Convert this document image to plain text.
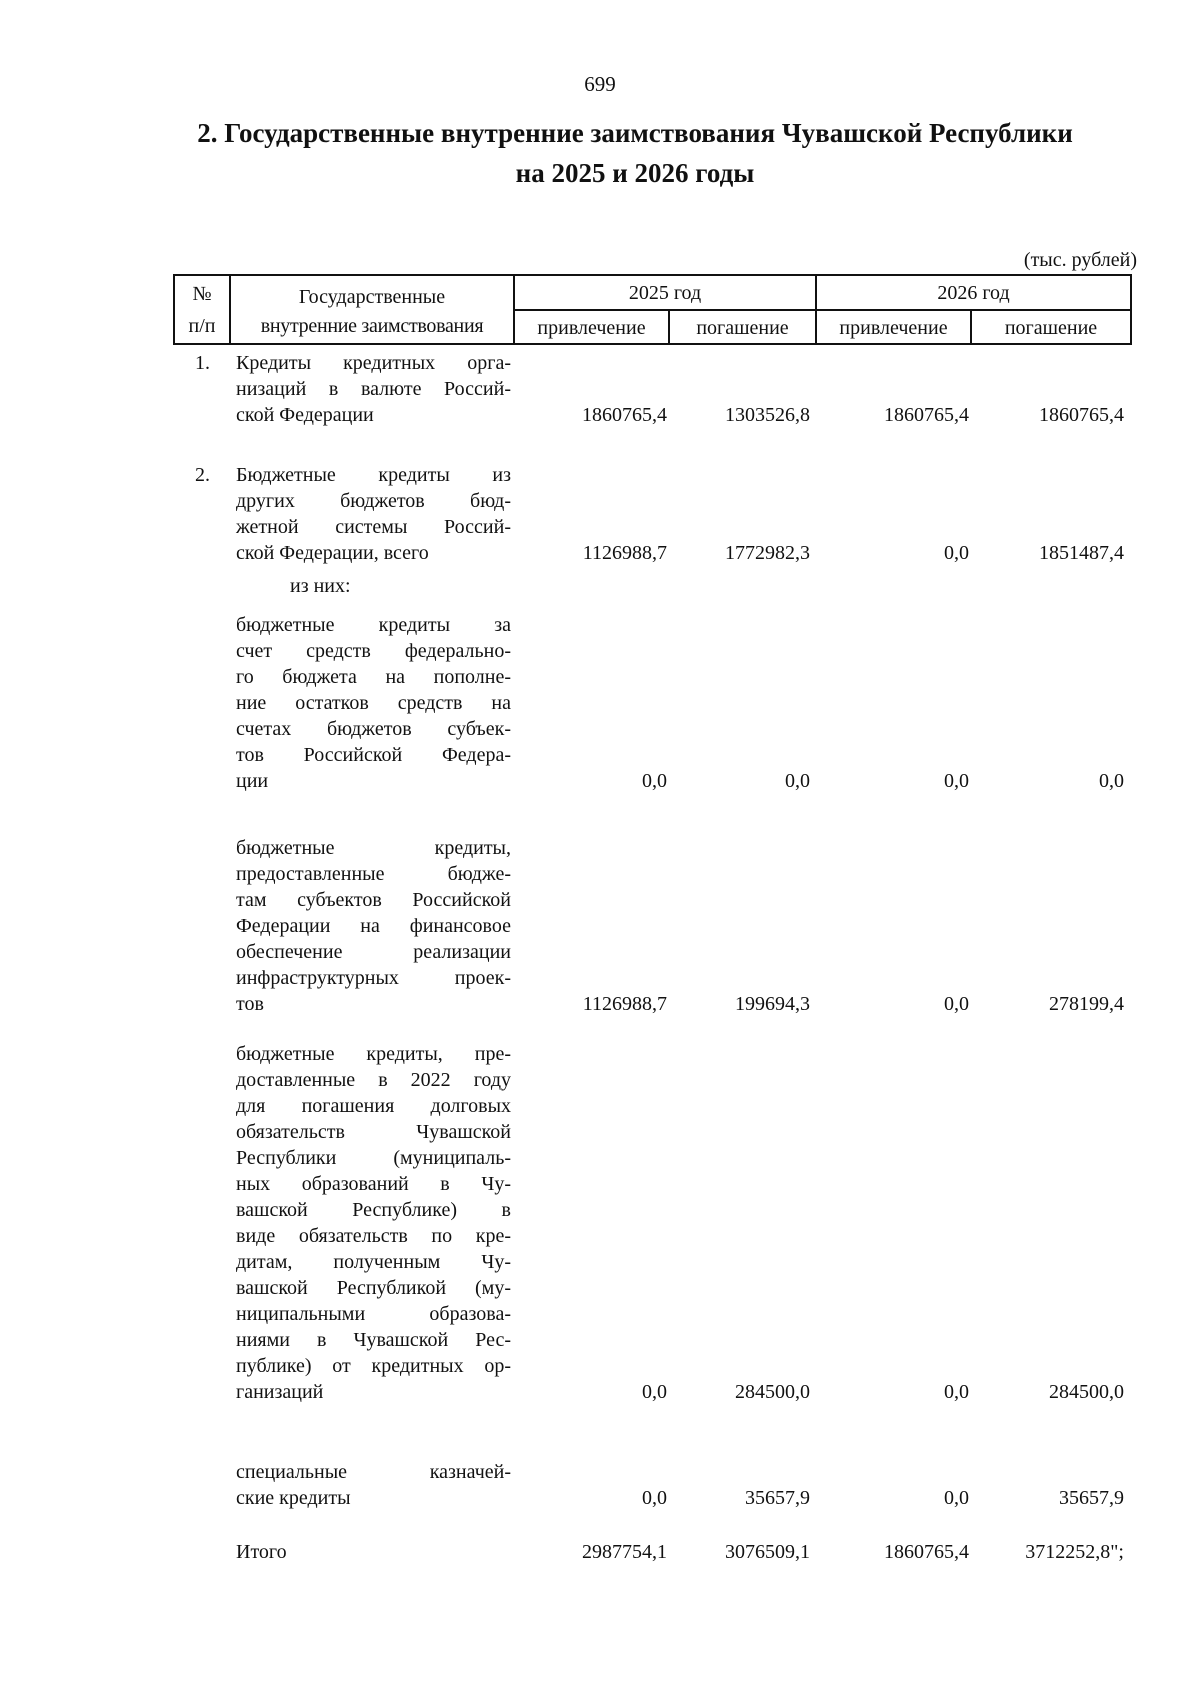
699
2. Государственные внутренние заимствования Чувашской Республики
на 2025 и 2026 годы
(тыс. рублей)
№
п/п
Государственные
внутренние заимствования
2025 год	2026 год
привлечение	погашение	привлечение	погашение
1. Кредиты кредитных орга-
низаций в валюте Россий-
ской Федерации	1860765,4	1303526,8	1860765,4	1860765,4
2. Бюджетные кредиты из
других бюджетов бюд-
жетной системы Россий-
ской Федерации, всего	1126988,7	1772982,3	0,0	1851487,4
из них:
бюджетные кредиты за
счет средств федерально-
го бюджета на пополне-
ние остатков средств на
счетах бюджетов субъек-
тов Российской Федера-
ции	0,0	0,0	0,0	0,0
бюджетные кредиты,
предоставленные бюдже-
там субъектов Российской
Федерации на финансовое
обеспечение реализации
инфраструктурных проек-
тов	1126988,7	199694,3	0,0	278199,4
бюджетные кредиты, пре-
доставленные в 2022 году
для погашения долговых
обязательств Чувашской
Республики (муниципаль-
ных образований в Чу-
вашской Республике) в
виде обязательств по кре-
дитам, полученным Чу-
вашской Республикой (му-
ниципальными образова-
ниями в Чувашской Рес-
публике) от кредитных ор-
ганизаций	0,0	284500,0	0,0	284500,0
специальные казначей-
ские кредиты	0,0	35657,9	0,0	35657,9
Итого	2987754,1	3076509,1	1860765,4	3712252,8";
